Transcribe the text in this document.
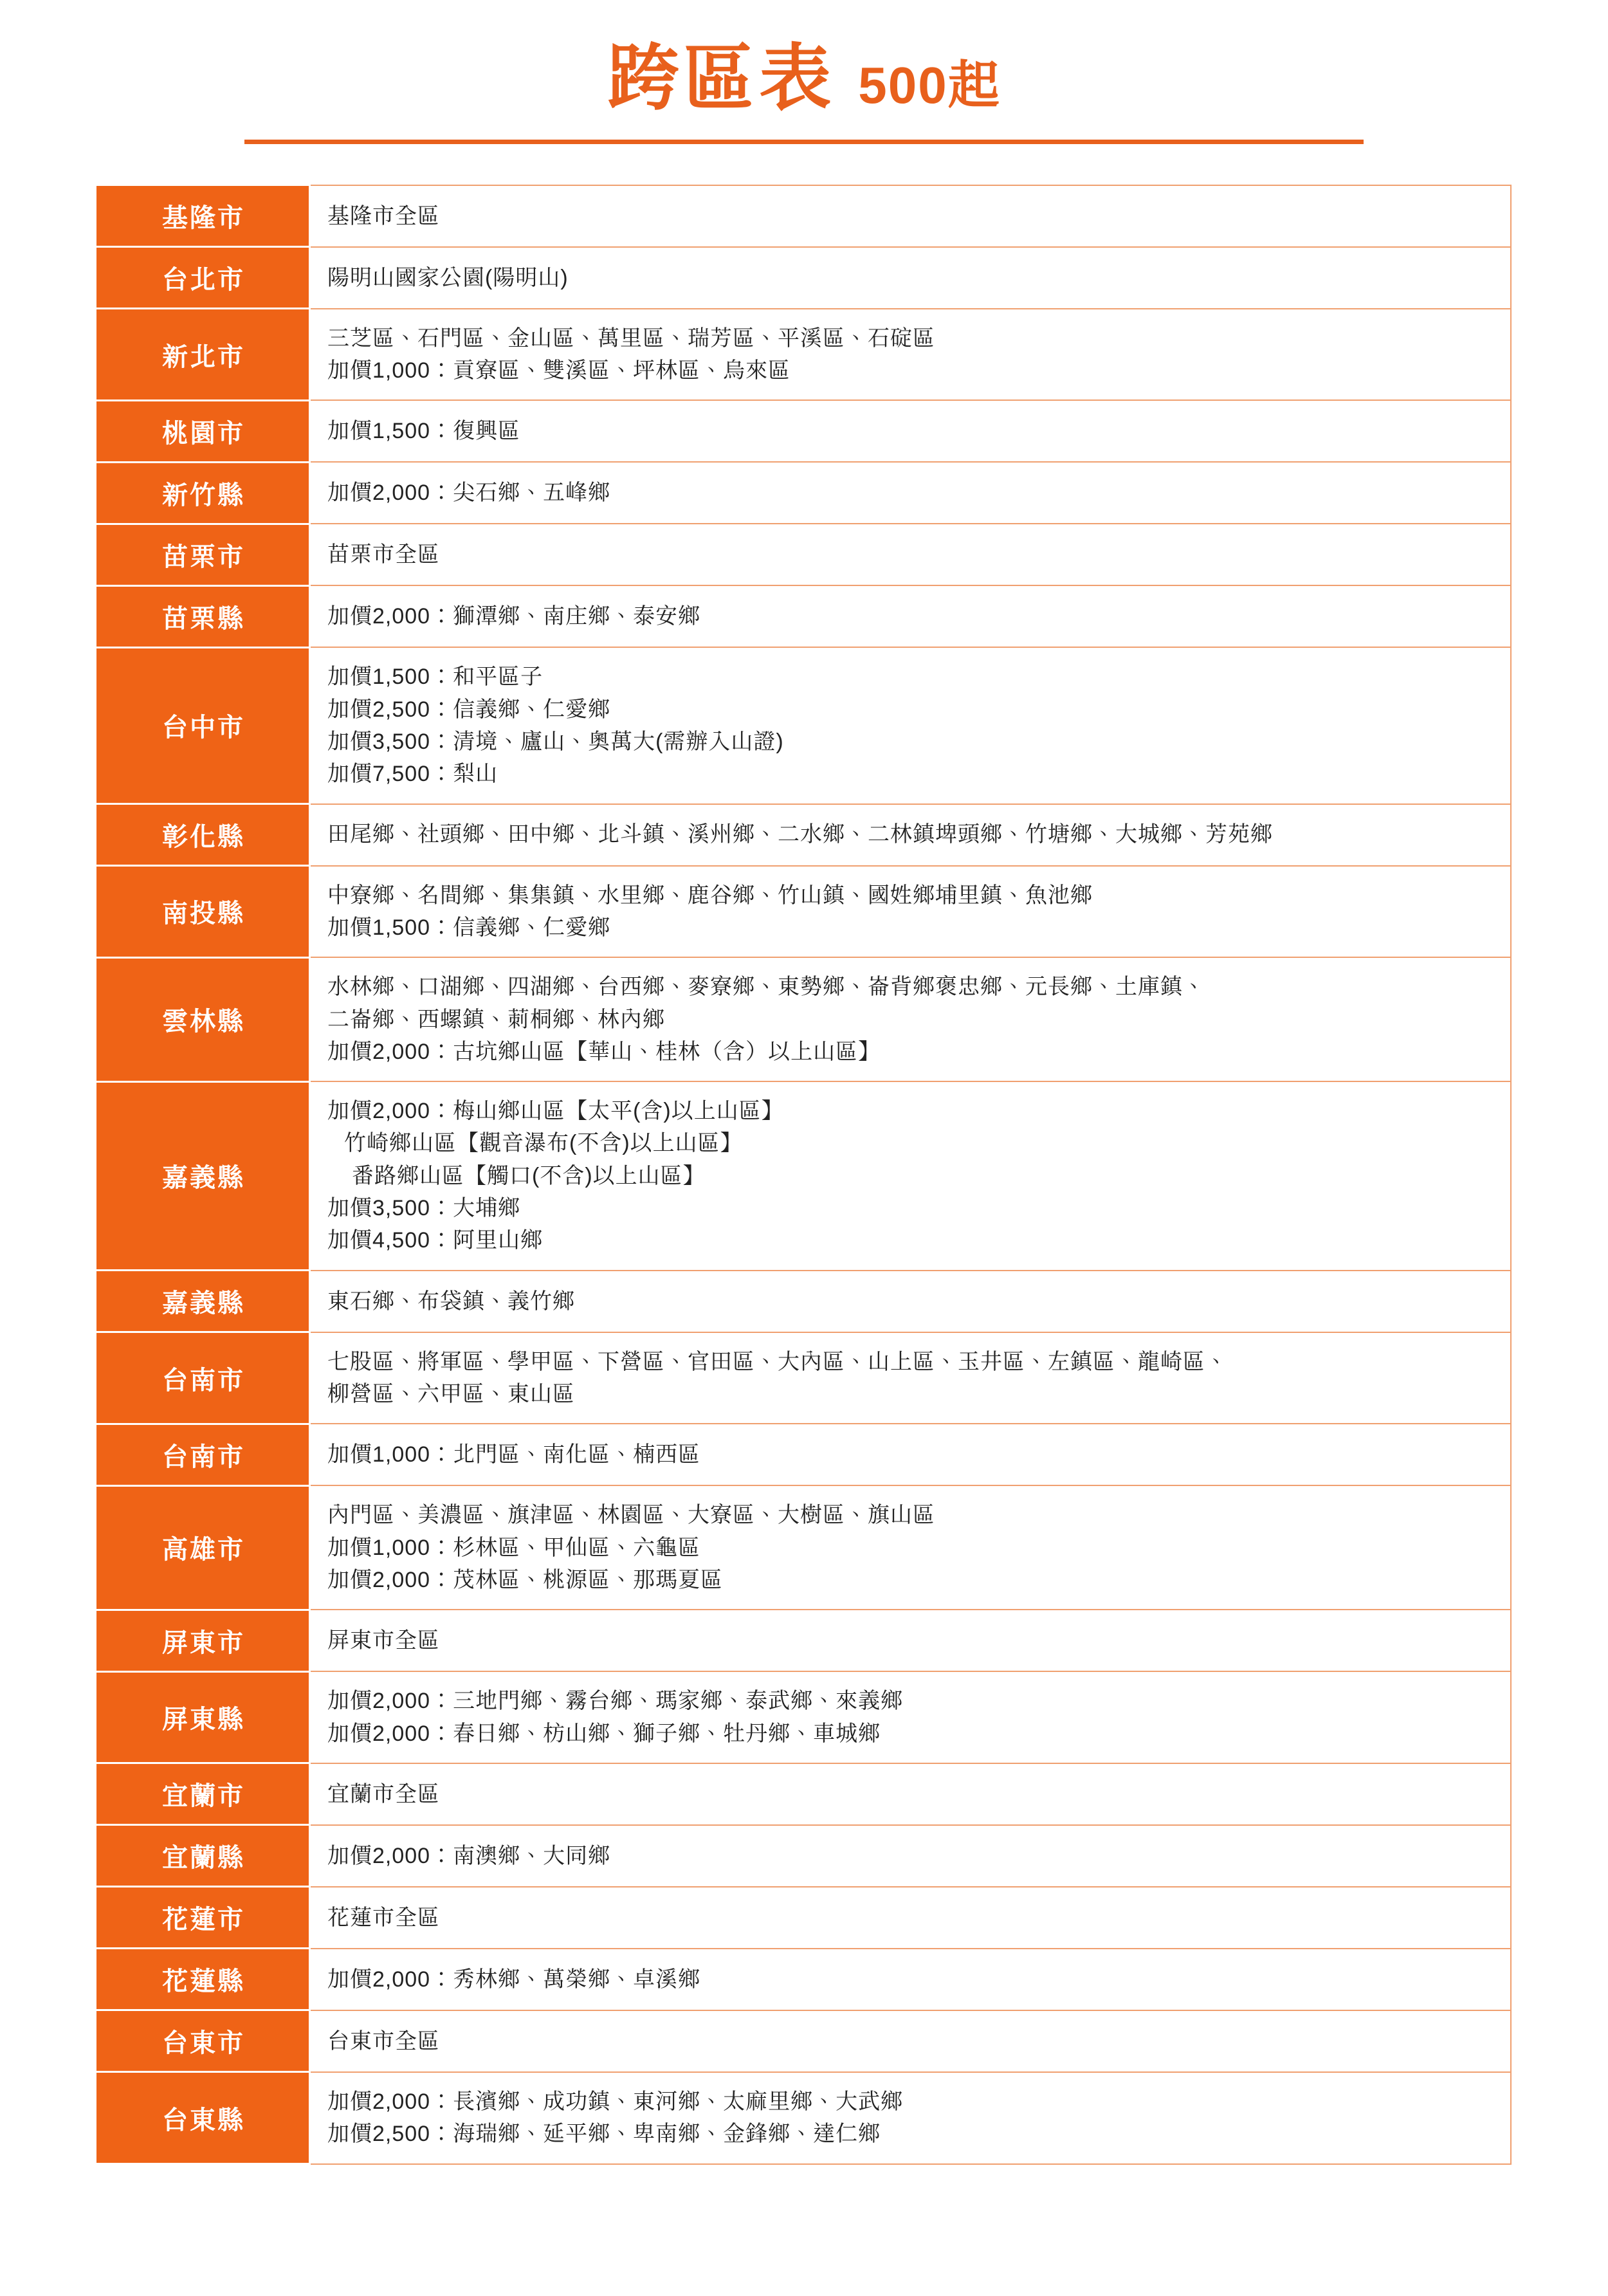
跨區表 500起
基隆市	基隆市全區

台北市	陽明山國家公園(陽明山)

新北市	三芝區、石門區、金山區、萬里區、瑞芳區、平溪區、石碇區
加價1,000：貢寮區、雙溪區、坪林區、烏來區

桃園市	加價1,500：復興區

新竹縣	加價2,000：尖石鄉、五峰鄉

苗栗市	苗栗市全區

苗栗縣	加價2,000：獅潭鄉、南庄鄉、泰安鄉

台中市	加價1,500：和平區子
加價2,500：信義鄉、仁愛鄉
加價3,500：清境、廬山、奧萬大(需辦入山證)
加價7,500：梨山

彰化縣	田尾鄉、社頭鄉、田中鄉、北斗鎮、溪州鄉、二水鄉、二林鎮埤頭鄉、竹塘鄉、大城鄉、芳苑鄉

南投縣	中寮鄉、名間鄉、集集鎮、水里鄉、鹿谷鄉、竹山鎮、國姓鄉埔里鎮、魚池鄉
加價1,500：信義鄉、仁愛鄉

雲林縣	水林鄉、口湖鄉、四湖鄉、台西鄉、麥寮鄉、東勢鄉、崙背鄉褒忠鄉、元長鄉、土庫鎮、
二崙鄉、西螺鎮、莿桐鄉、林內鄉
加價2,000：古坑鄉山區【華山、桂林（含）以上山區】

嘉義縣	加價2,000：梅山鄉山區【太平(含)以上山區】
竹崎鄉山區【觀音瀑布(不含)以上山區】
番路鄉山區【觸口(不含)以上山區】
加價3,500：大埔鄉
加價4,500：阿里山鄉

嘉義縣	東石鄉、布袋鎮、義竹鄉

台南市	七股區、將軍區、學甲區、下營區、官田區、大內區、山上區、玉井區、左鎮區、龍崎區、
柳營區、六甲區、東山區

台南市	加價1,000：北門區、南化區、楠西區

高雄市	內門區、美濃區、旗津區、林園區、大寮區、大樹區、旗山區
加價1,000：杉林區、甲仙區、六龜區
加價2,000：茂林區、桃源區、那瑪夏區

屏東市	屏東市全區

屏東縣	加價2,000：三地門鄉、霧台鄉、瑪家鄉、泰武鄉、來義鄉
加價2,000：春日鄉、枋山鄉、獅子鄉、牡丹鄉、車城鄉

宜蘭市	宜蘭市全區

宜蘭縣	加價2,000：南澳鄉、大同鄉

花蓮市	花蓮市全區

花蓮縣	加價2,000：秀林鄉、萬榮鄉、卓溪鄉

台東市	台東市全區

台東縣	加價2,000：長濱鄉、成功鎮、東河鄉、太麻里鄉、大武鄉
加價2,500：海瑞鄉、延平鄉、卑南鄉、金鋒鄉、達仁鄉
